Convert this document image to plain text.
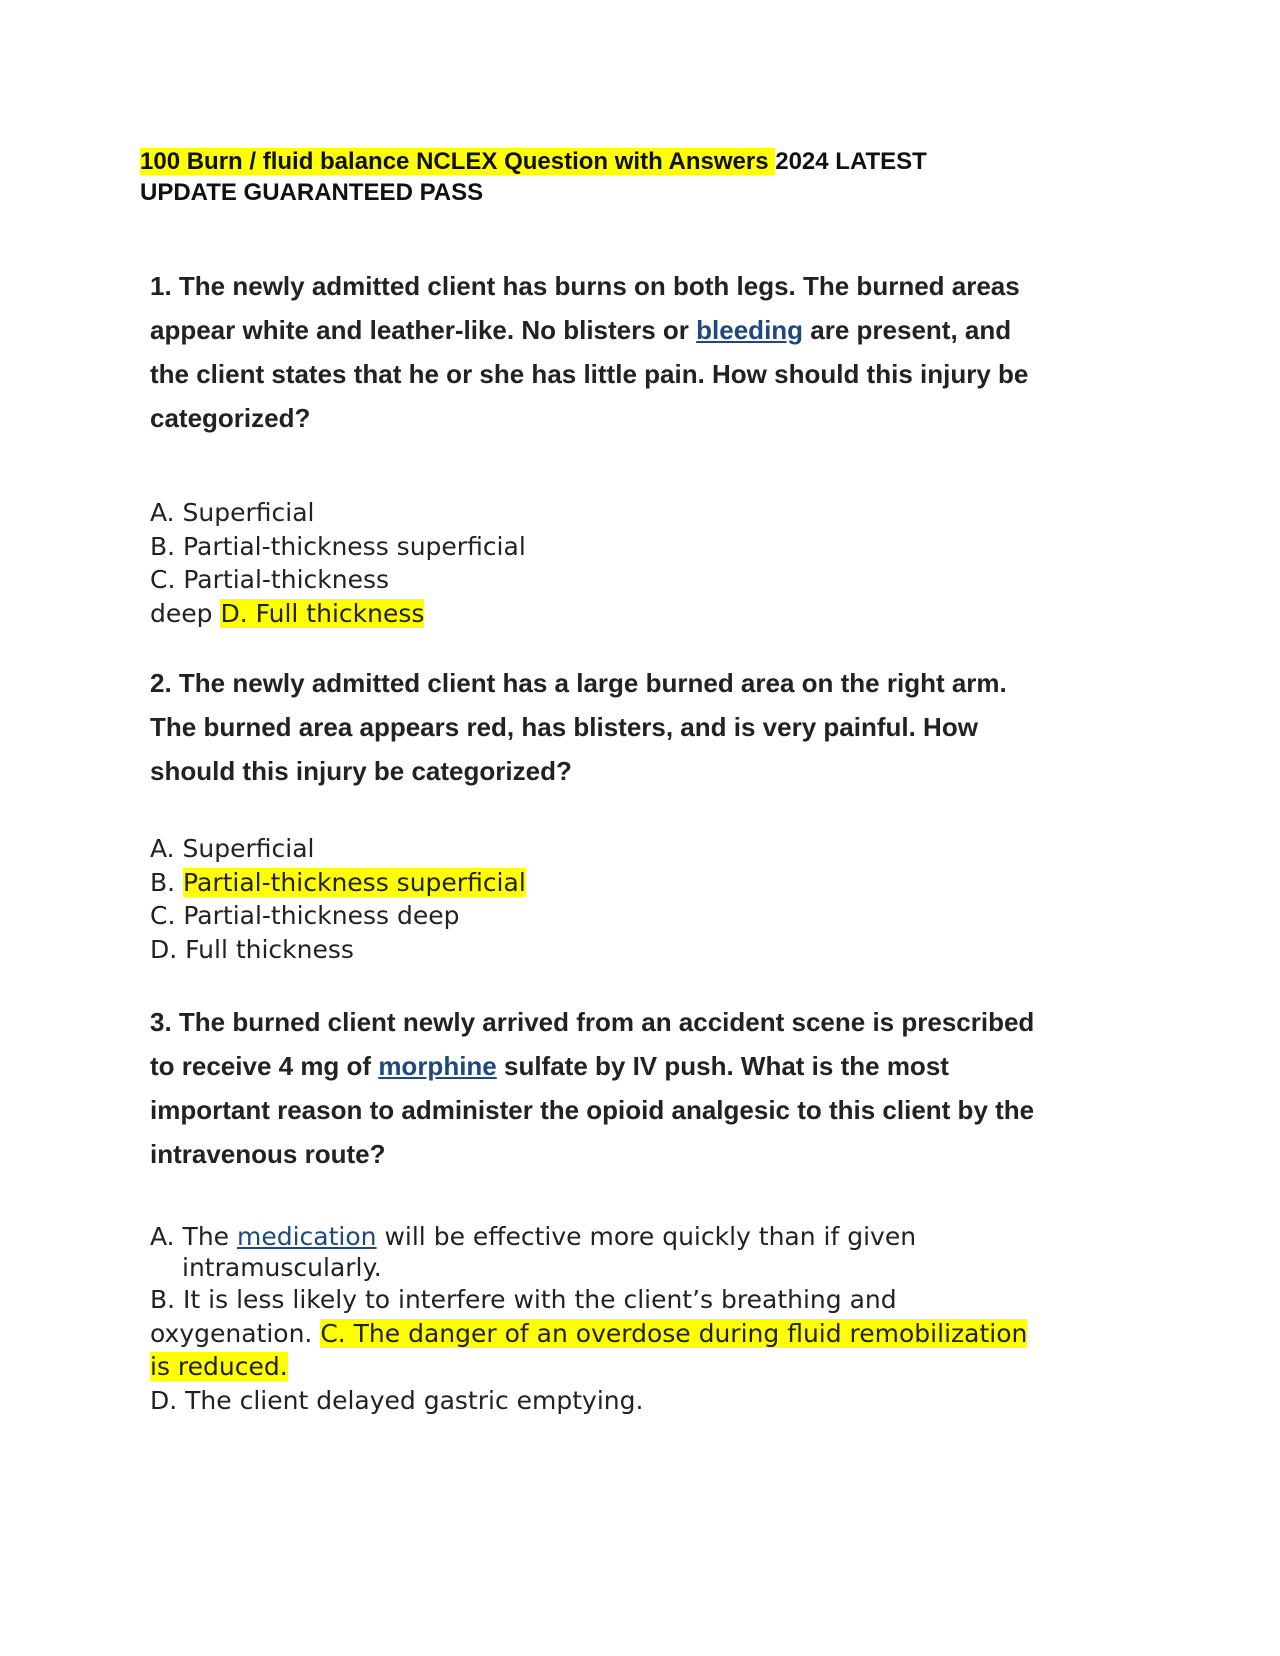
100 Burn / fluid balance NCLEX Question with Answers 2024 LATEST
UPDATE GUARANTEED PASS
1. The newly admitted client has burns on both legs. The burned areas
appear white and leather-like. No blisters or bleeding are present, and
the client states that he or she has little pain. How should this injury be
categorized?
A. Superficial
B. Partial-thickness superficial
C. Partial-thickness
deep D. Full thickness
2. The newly admitted client has a large burned area on the right arm.
The burned area appears red, has blisters, and is very painful. How
should this injury be categorized?
A. Superficial
B. Partial-thickness superficial
C. Partial-thickness deep
D. Full thickness
3. The burned client newly arrived from an accident scene is prescribed
to receive 4 mg of morphine sulfate by IV push. What is the most
important reason to administer the opioid analgesic to this client by the
intravenous route?
A. The medication will be effective more quickly than if given
intramuscularly.
B. It is less likely to interfere with the client’s breathing and
oxygenation. C. The danger of an overdose during fluid remobilization
is reduced.
D. The client delayed gastric emptying.
